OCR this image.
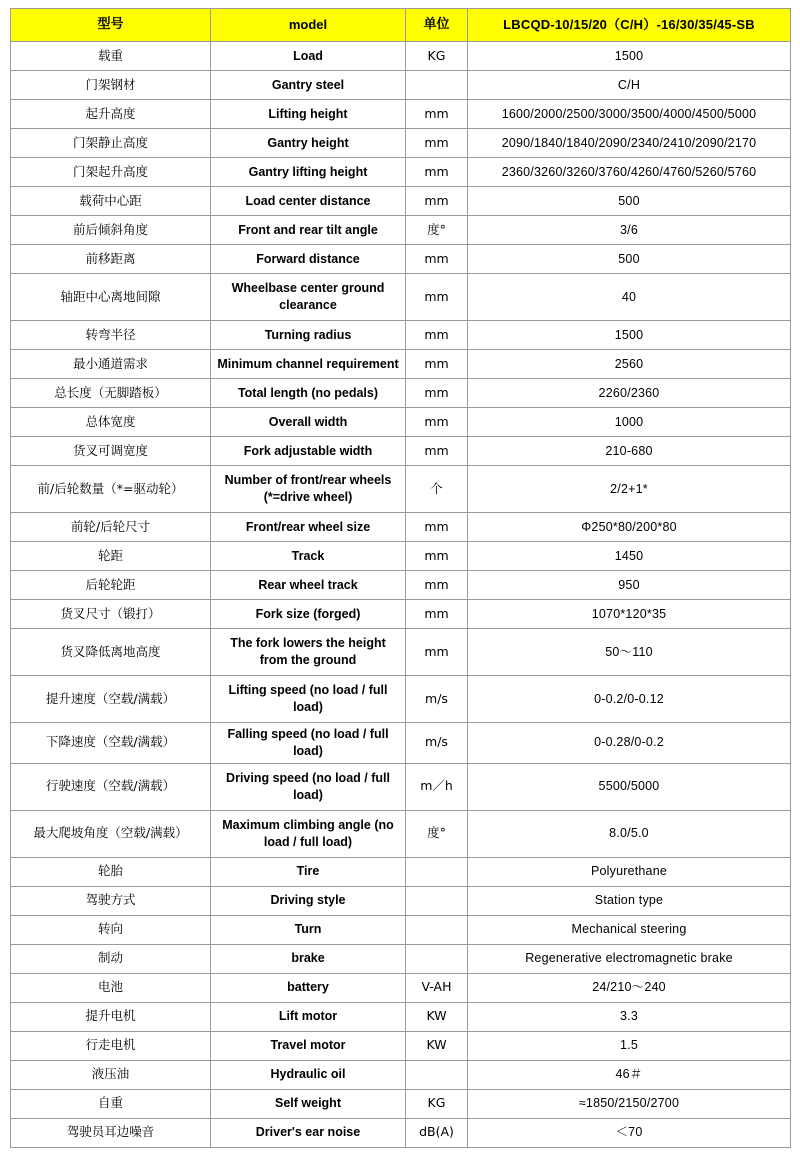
型号	model	单位	LBCQD-10/15/20（C/H）-16/30/35/45-SB
载重	Load	KG	1500
门架钢材	Gantry steel		C/H
起升高度	Lifting height	mm	1600/2000/2500/3000/3500/4000/4500/5000
门架静止高度	Gantry height	mm	2090/1840/1840/2090/2340/2410/2090/2170
门架起升高度	Gantry lifting height	mm	2360/3260/3260/3760/4260/4760/5260/5760
载荷中心距	Load center distance	mm	500
前后倾斜角度	Front and rear tilt angle	度°	3/6
前移距离	Forward distance	mm	500
轴距中心离地间隙	Wheelbase center ground clearance	mm	40
转弯半径	Turning radius	mm	1500
最小通道需求	Minimum channel requirement	mm	2560
总长度（无脚踏板）	Total length (no pedals)	mm	2260/2360
总体宽度	Overall width	mm	1000
货叉可调宽度	Fork adjustable width	mm	210-680
前/后轮数量（*=驱动轮）	Number of front/rear wheels (*=drive wheel)	个	2/2+1*
前轮/后轮尺寸	Front/rear wheel size	mm	Φ250*80/200*80
轮距	Track	mm	1450
后轮轮距	Rear wheel track	mm	950
货叉尺寸（锻打）	Fork size (forged)	mm	1070*120*35
货叉降低离地高度	The fork lowers the height from the ground	mm	50～110
提升速度（空载/满载）	Lifting speed (no load / full load)	m/s	0-0.2/0-0.12
下降速度（空载/满载）	Falling speed (no load / full load)	m/s	0-0.28/0-0.2
行驶速度（空载/满载）	Driving speed (no load / full load)	m／h	5500/5000
最大爬坡角度（空载/满载）	Maximum climbing angle (no load / full load)	度°	8.0/5.0
轮胎	Tire		Polyurethane
驾驶方式	Driving style		Station type
转向	Turn		Mechanical steering
制动	brake		Regenerative electromagnetic brake
电池	battery	V-AH	24/210～240
提升电机	Lift motor	KW	3.3
行走电机	Travel motor	KW	1.5
液压油	Hydraulic oil		46＃
自重	Self weight	KG	≈1850/2150/2700
驾驶员耳边噪音	Driver's ear noise	dB(A)	＜70
